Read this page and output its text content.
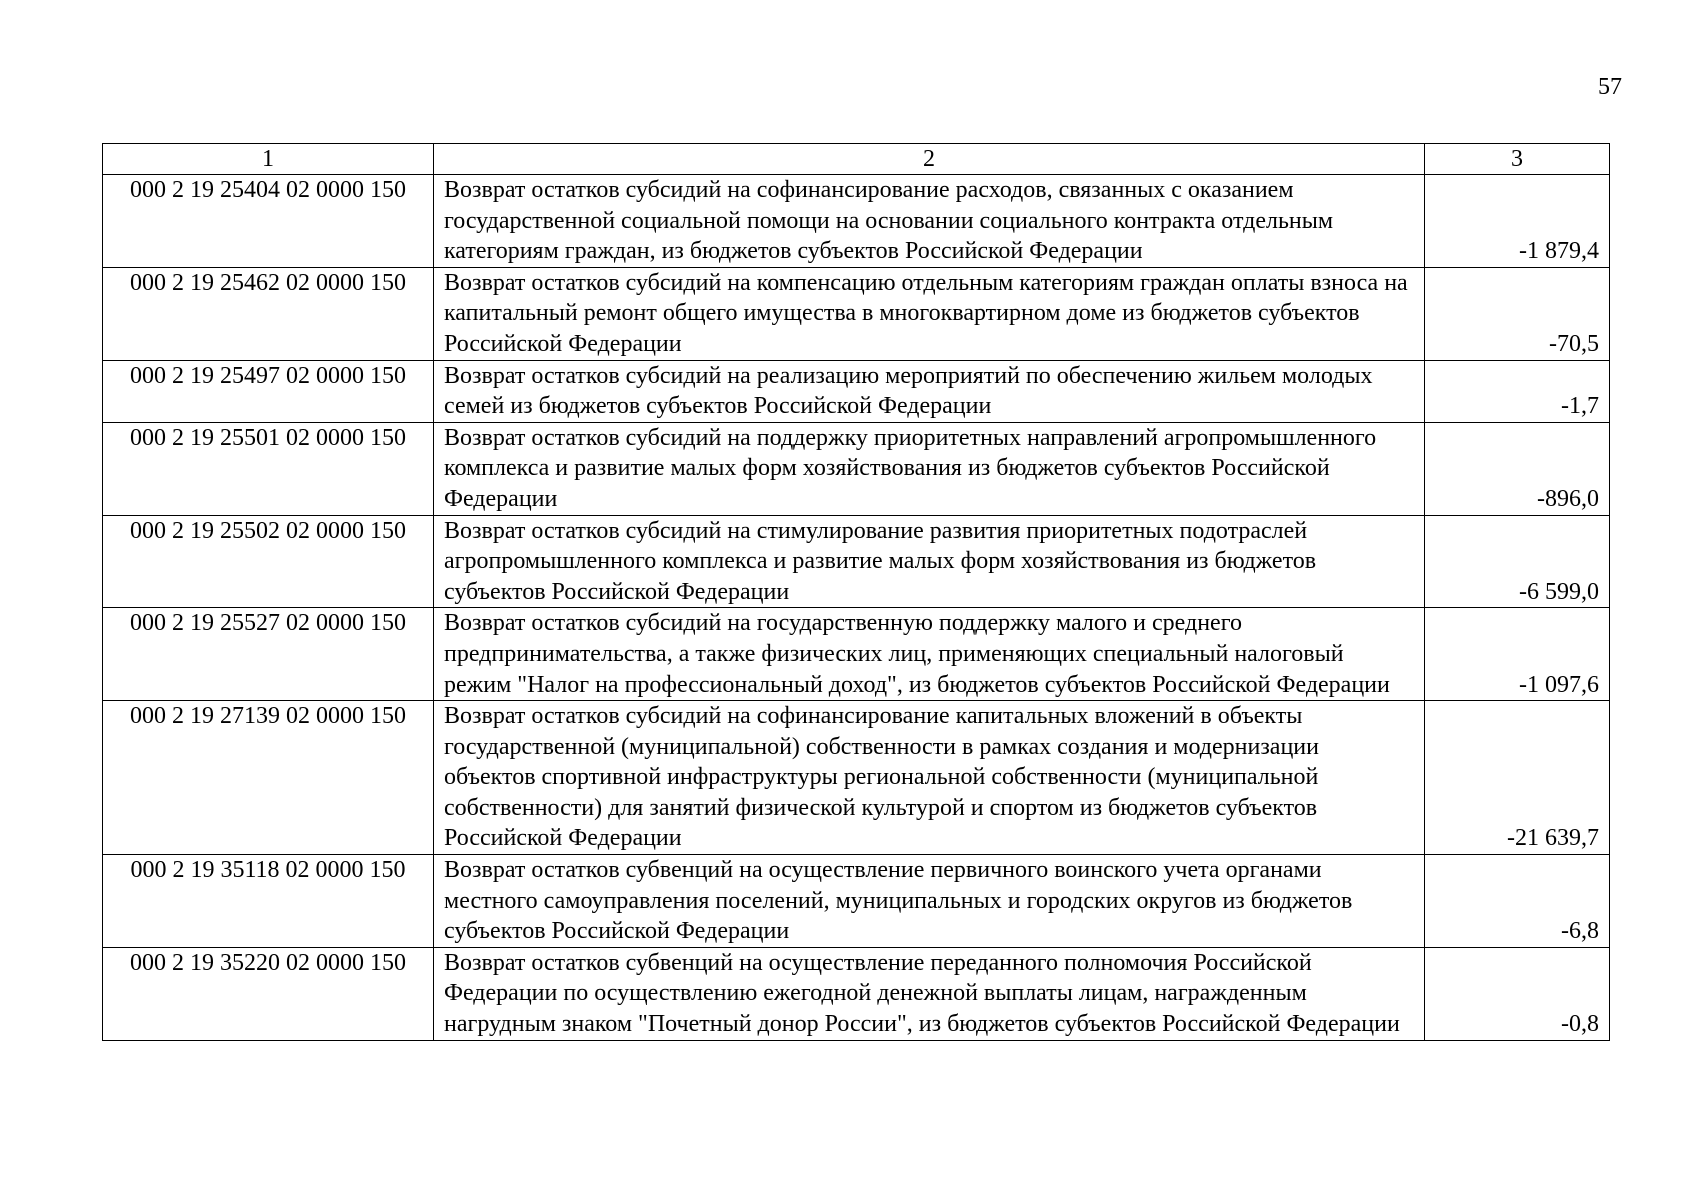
57
1	2	3
000 2 19 25404 02 0000 150	Возврат остатков субсидий на софинансирование расходов, связанных с оказанием государственной социальной помощи на основании социального контракта отдельным категориям граждан, из бюджетов субъектов Российской Федерации	-1 879,4
000 2 19 25462 02 0000 150	Возврат остатков субсидий на компенсацию отдельным категориям граждан оплаты взноса на капитальный ремонт общего имущества в многоквартирном доме из бюджетов субъектов Российской Федерации	-70,5
000 2 19 25497 02 0000 150	Возврат остатков субсидий на реализацию мероприятий по обеспечению жильем молодых семей из бюджетов субъектов Российской Федерации	-1,7
000 2 19 25501 02 0000 150	Возврат остатков субсидий на поддержку приоритетных направлений агропромышленного комплекса и развитие малых форм хозяйствования из бюджетов субъектов Российской Федерации	-896,0
000 2 19 25502 02 0000 150	Возврат остатков субсидий на стимулирование развития приоритетных подотраслей агропромышленного комплекса и развитие малых форм хозяйствования из бюджетов субъектов Российской Федерации	-6 599,0
000 2 19 25527 02 0000 150	Возврат остатков субсидий на государственную поддержку малого и среднего предпринимательства, а также физических лиц, применяющих специальный налоговый режим "Налог на профессиональный доход", из бюджетов субъектов Российской Федерации	-1 097,6
000 2 19 27139 02 0000 150	Возврат остатков субсидий на софинансирование капитальных вложений в объекты государственной (муниципальной) собственности в рамках создания и модернизации объектов спортивной инфраструктуры региональной собственности (муниципальной собственности) для занятий физической культурой и спортом из бюджетов субъектов Российской Федерации	-21 639,7
000 2 19 35118 02 0000 150	Возврат остатков субвенций на осуществление первичного воинского учета органами местного самоуправления поселений, муниципальных и городских округов из бюджетов субъектов Российской Федерации	-6,8
000 2 19 35220 02 0000 150	Возврат остатков субвенций на осуществление переданного полномочия Российской Федерации по осуществлению ежегодной денежной выплаты лицам, награжденным нагрудным знаком "Почетный донор России", из бюджетов субъектов Российской Федерации	-0,8
